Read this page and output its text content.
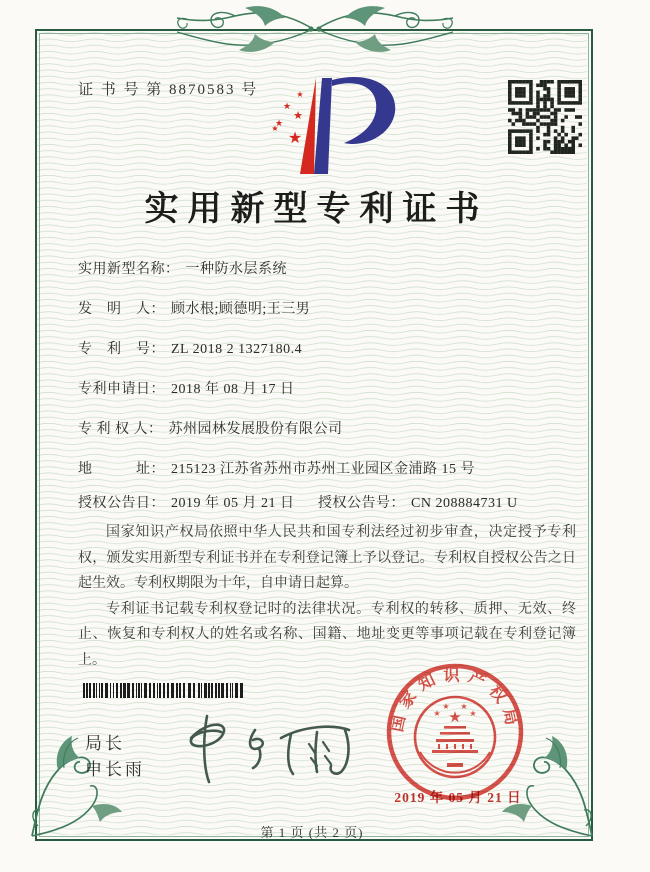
证 书 号 第 8870583 号	★
★
★
★
★
★
实用新型专利证书
实用新型名称： 一种防水层系统
发　明　人： 顾水根;顾德明;王三男
专　利　号： ZL 2018 2 1327180.4
专利申请日： 2018 年 08 月 17 日
专 利 权 人： 苏州园林发展股份有限公司
地　　　址： 215123 江苏省苏州市苏州工业园区金浦路 15 号
授权公告日： 2019 年 05 月 21 日	授权公告号： CN 208884731 U

国家知识产权局依照中华人民共和国专利法经过初步审查，决定授予专利权，颁发实用新型专利证书并在专利登记簿上予以登记。专利权自授权公告之日起生效。专利权期限为十年，自申请日起算。

专利证书记载专利权登记时的法律状况。专利权的转移、质押、无效、终止、恢复和专利权人的姓名或名称、国籍、地址变更等事项记载在专利登记簿上。

局长
申长雨
国家知识产权局
★
★
★ ★
★
2019 年 05 月 21 日
第 1 页 (共 2 页)
